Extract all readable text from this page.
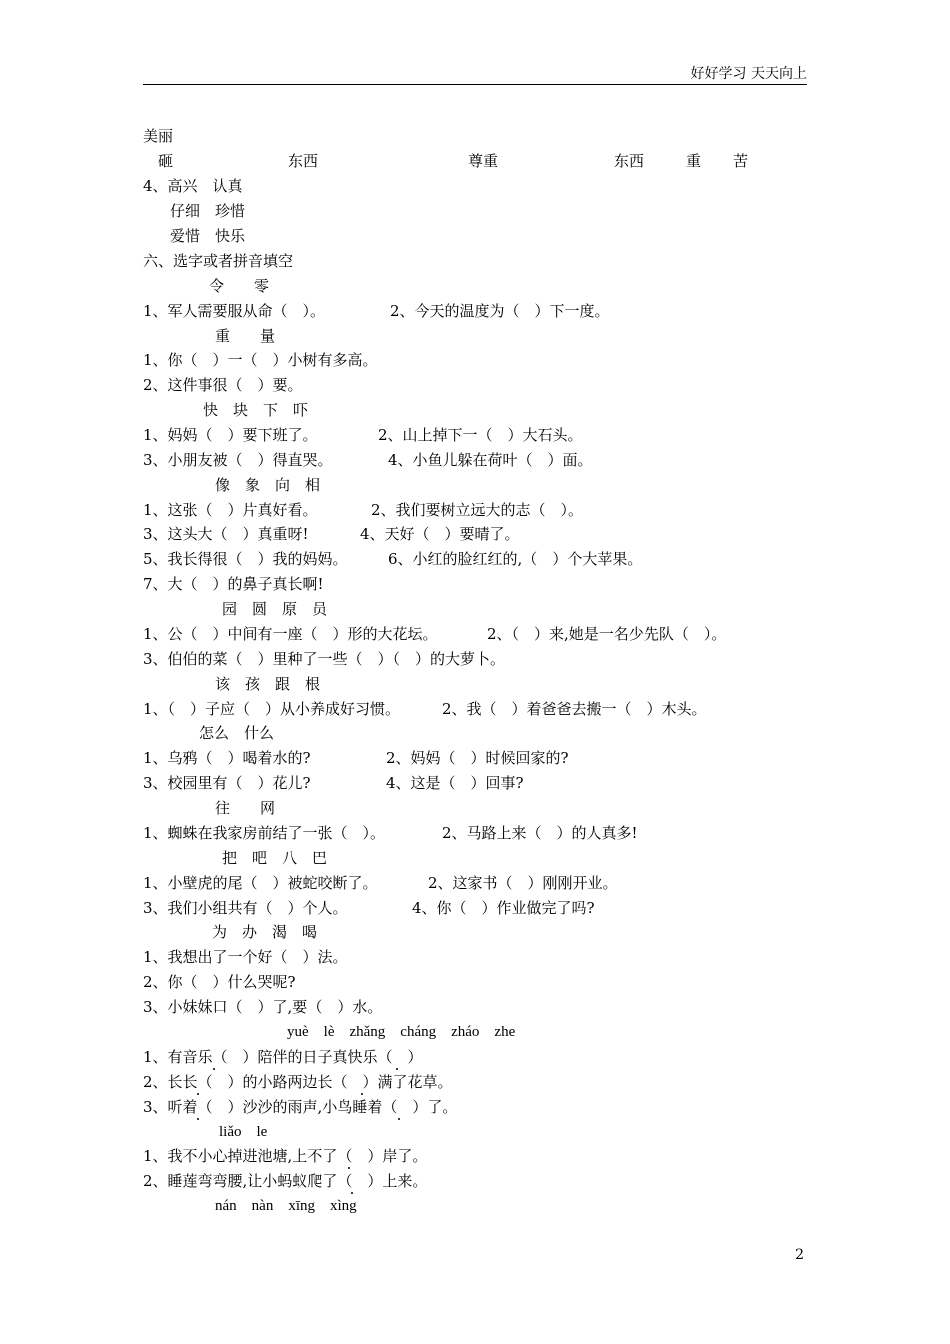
好好学习 天天向上
美丽
砸	东西	尊重	东西	重 苦
4、高兴　认真
仔细　珍惜
爱惜　快乐
六、选字或者拼音填空
令　　零
1、军人需要服从命（　）。	2、今天的温度为（　）下一度。
重　　量
1、你（　）一（　）小树有多高。
2、这件事很（　）要。
快　块　下　吓
1、妈妈（　）要下班了。	2、山上掉下一（　）大石头。
3、小朋友被（　）得直哭。	4、小鱼儿躲在荷叶（　）面。
像　象　向　相
1、这张（　）片真好看。	2、我们要树立远大的志（　）。
3、这头大（　）真重呀!	4、天好（　）要晴了。
5、我长得很（　）我的妈妈。	6、小红的脸红红的,（　）个大苹果。
7、大（　）的鼻子真长啊!
园　圆　原　员
1、公（　）中间有一座（　）形的大花坛。	2、（　）来,她是一名少先队（　）。
3、伯伯的菜（　）里种了一些（　）（　）的大萝卜。
该　孩　跟　根
1、（　）子应（　）从小养成好习惯。	2、我（　）着爸爸去搬一（　）木头。
怎么　什么
1、乌鸦（　）喝着水的?	2、妈妈（　）时候回家的?
3、校园里有（　）花儿?	4、这是（　）回事?
往　　网
1、蜘蛛在我家房前结了一张（　）。	2、马路上来（　）的人真多!
把　吧　八　巴
1、小壁虎的尾（　）被蛇咬断了。	2、这家书（　）刚刚开业。
3、我们小组共有（　）个人。	4、你（　）作业做完了吗?
为　办　渴　喝
1、我想出了一个好（　）法。
2、你（　）什么哭呢?
3、小妹妹口（　）了,要（　）水。
yuè　lè　zhǎng　cháng　zháo　zhe
1、有音乐（　）陪伴的日子真快乐（　）
2、长长（　）的小路两边长（　）满了花草。
3、听着（　）沙沙的雨声,小鸟睡着（　）了。
liǎo　le
1、我不小心掉进池塘,上不了（　）岸了。
2、睡莲弯弯腰,让小蚂蚁爬了（　）上来。
nán　nàn　xīng　xìng
2
